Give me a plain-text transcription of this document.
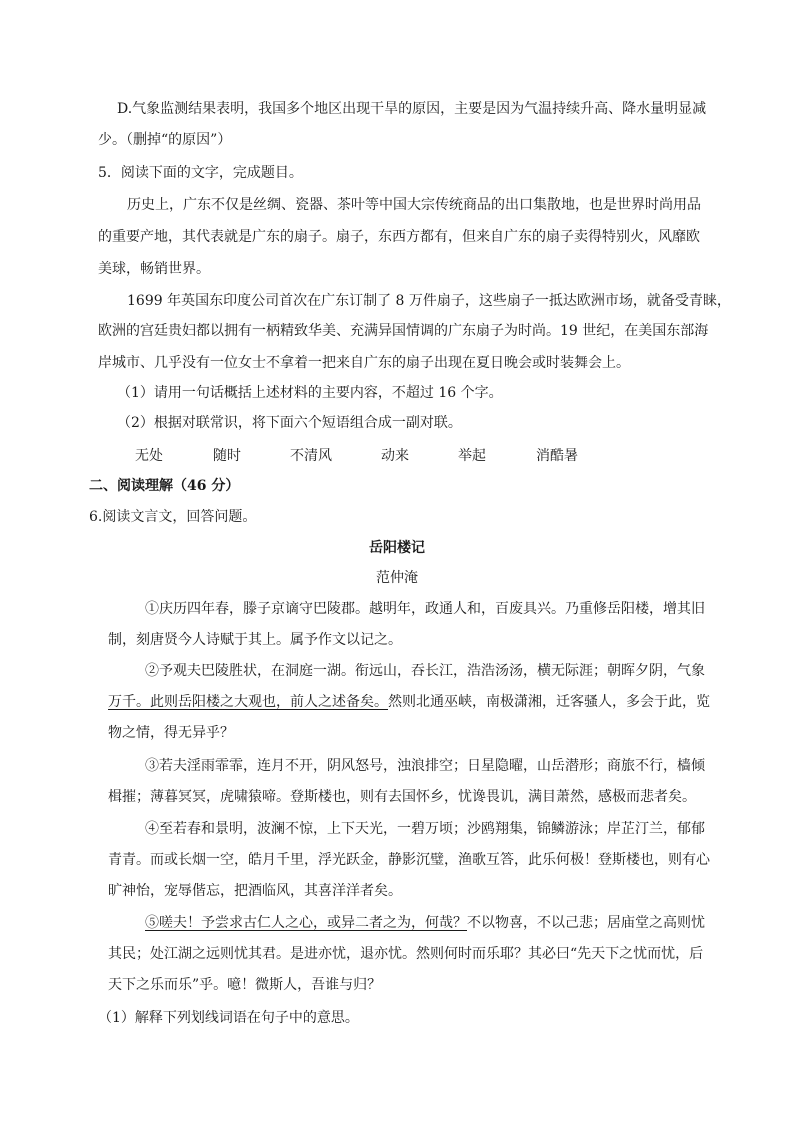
D.气象监测结果表明，我国多个地区出现干旱的原因，主要是因为气温持续升高、降水量明显减
少。（删掉“的原因”）
5．阅读下面的文字，完成题目。
历史上，广东不仅是丝绸、瓷器、茶叶等中国大宗传统商品的出口集散地，也是世界时尚用品
的重要产地，其代表就是广东的扇子。扇子，东西方都有，但来自广东的扇子卖得特别火，风靡欧
美球，畅销世界。
1699 年英国东印度公司首次在广东订制了 8 万件扇子，这些扇子一抵达欧洲市场，就备受青睐，
欧洲的宫廷贵妇都以拥有一柄精致华美、充满异国情调的广东扇子为时尚。19 世纪，在美国东部海
岸城市、几乎没有一位女士不拿着一把来自广东的扇子出现在夏日晚会或时装舞会上。
（1）请用一句话概括上述材料的主要内容，不超过 16 个字。
（2）根据对联常识，将下面六个短语组合成一副对联。
无处	随时	不清风	动来	举起	消酷暑
二、阅读理解（46 分）
6.阅读文言文，回答问题。
岳阳楼记
范仲淹
①庆历四年春，滕子京谪守巴陵郡。越明年，政通人和，百废具兴。乃重修岳阳楼，增其旧
制，刻唐贤今人诗赋于其上。属予作文以记之。
②予观夫巴陵胜状，在洞庭一湖。衔远山，吞长江，浩浩汤汤，横无际涯；朝晖夕阴，气象
万千。此则岳阳楼之大观也，前人之述备矣。然则北通巫峡，南极潇湘，迁客骚人，多会于此，览
物之情，得无异乎？
③若夫淫雨霏霏，连月不开，阴风怒号，浊浪排空；日星隐曜，山岳潜形；商旅不行，樯倾
楫摧；薄暮冥冥，虎啸猿啼。登斯楼也，则有去国怀乡，忧谗畏讥，满目萧然，感极而悲者矣。
④至若春和景明，波澜不惊，上下天光，一碧万顷；沙鸥翔集，锦鳞游泳；岸芷汀兰，郁郁
青青。而或长烟一空，皓月千里，浮光跃金，静影沉璧，渔歌互答，此乐何极！登斯楼也，则有心
旷神怡，宠辱偕忘，把酒临风，其喜洋洋者矣。
⑤嗟夫！予尝求古仁人之心，或异二者之为，何哉？不以物喜，不以己悲；居庙堂之高则忧
其民；处江湖之远则忧其君。是进亦忧，退亦忧。然则何时而乐耶？其必曰“先天下之忧而忧，后
天下之乐而乐”乎。噫！微斯人，吾谁与归？
（1）解释下列划线词语在句子中的意思。
